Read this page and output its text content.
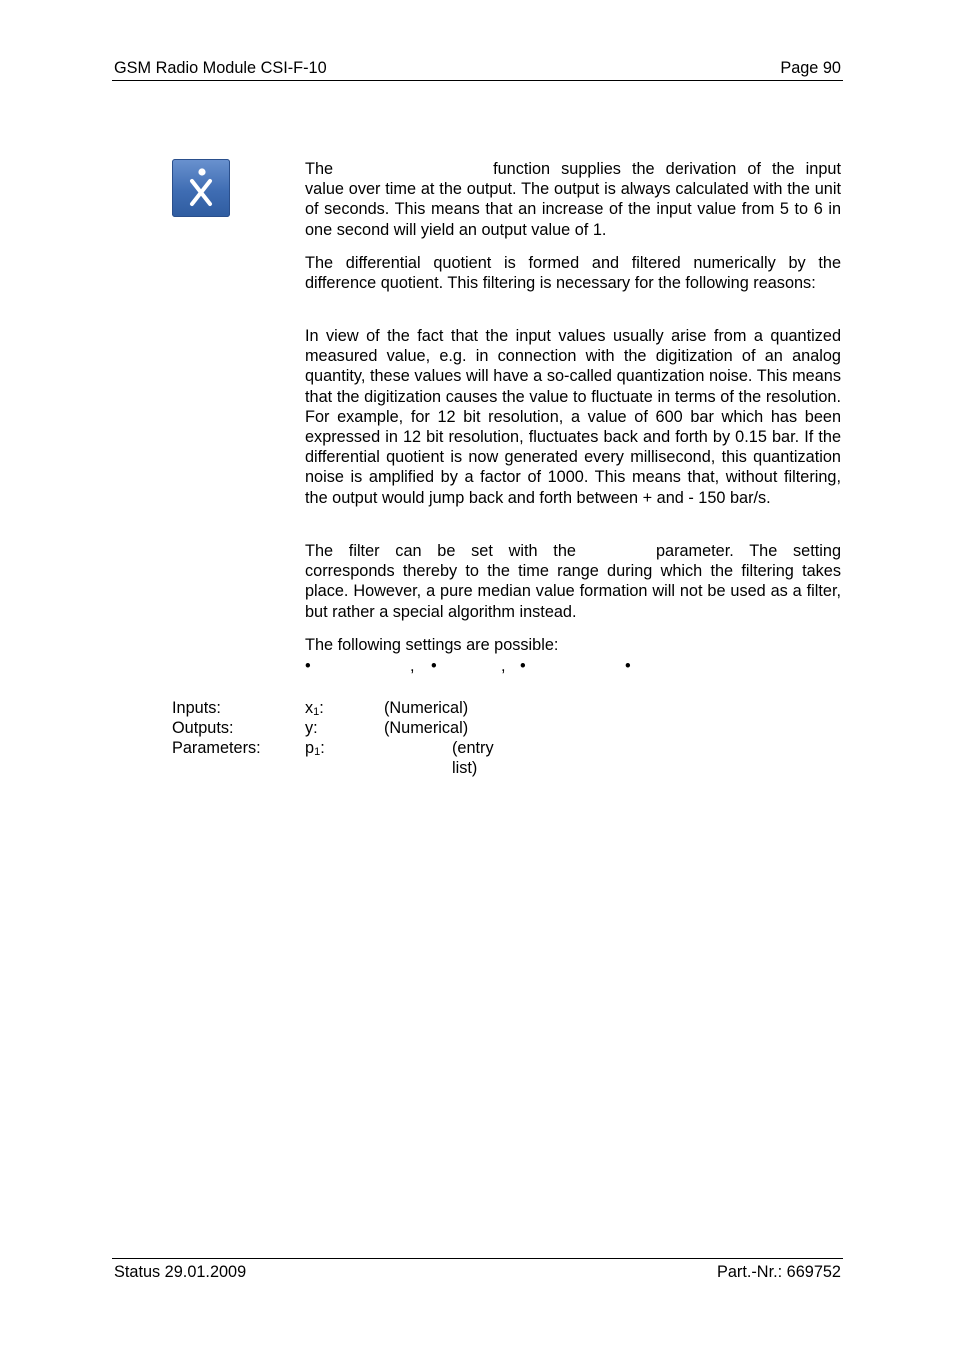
GSM Radio Module CSI-F-10	Page 90

The	function supplies the derivation of the input value over time at the output. The output is always calculated with the unit of seconds. This means that an increase of the input value from 5 to 6 in one second will yield an output value of 1.

The differential quotient is formed and filtered numerically by the difference quotient. This filtering is necessary for the following reasons:

In view of the fact that the input values usually arise from a quantized measured value, e.g. in connection with the digitization of an analog quantity, these values will have a so-called quantization noise. This means that the digitization causes the value to fluctuate in terms of the resolution. For example, for 12 bit resolution, a value of 600 bar which has been expressed in 12 bit resolution, fluctuates back and forth by 0.15 bar. If the differential quotient is now generated every millisecond, this quantization noise is amplified by a factor of 1000. This means that, without filtering, the output would jump back and forth between + and - 150 bar/s.

The filter can be set with the	parameter. The setting corresponds thereby to the time range during which the filtering takes place. However, a pure median value formation will not be used as a filter, but rather a special algorithm instead.

The following settings are possible:

•	, •	, •	•
Inputs:	$x_1$:	(Numerical)
Outputs:	y:	(Numerical)
Parameters:	$p_1$:	(entry list)
Status 29.01.2009	Part.-Nr.: 669752
